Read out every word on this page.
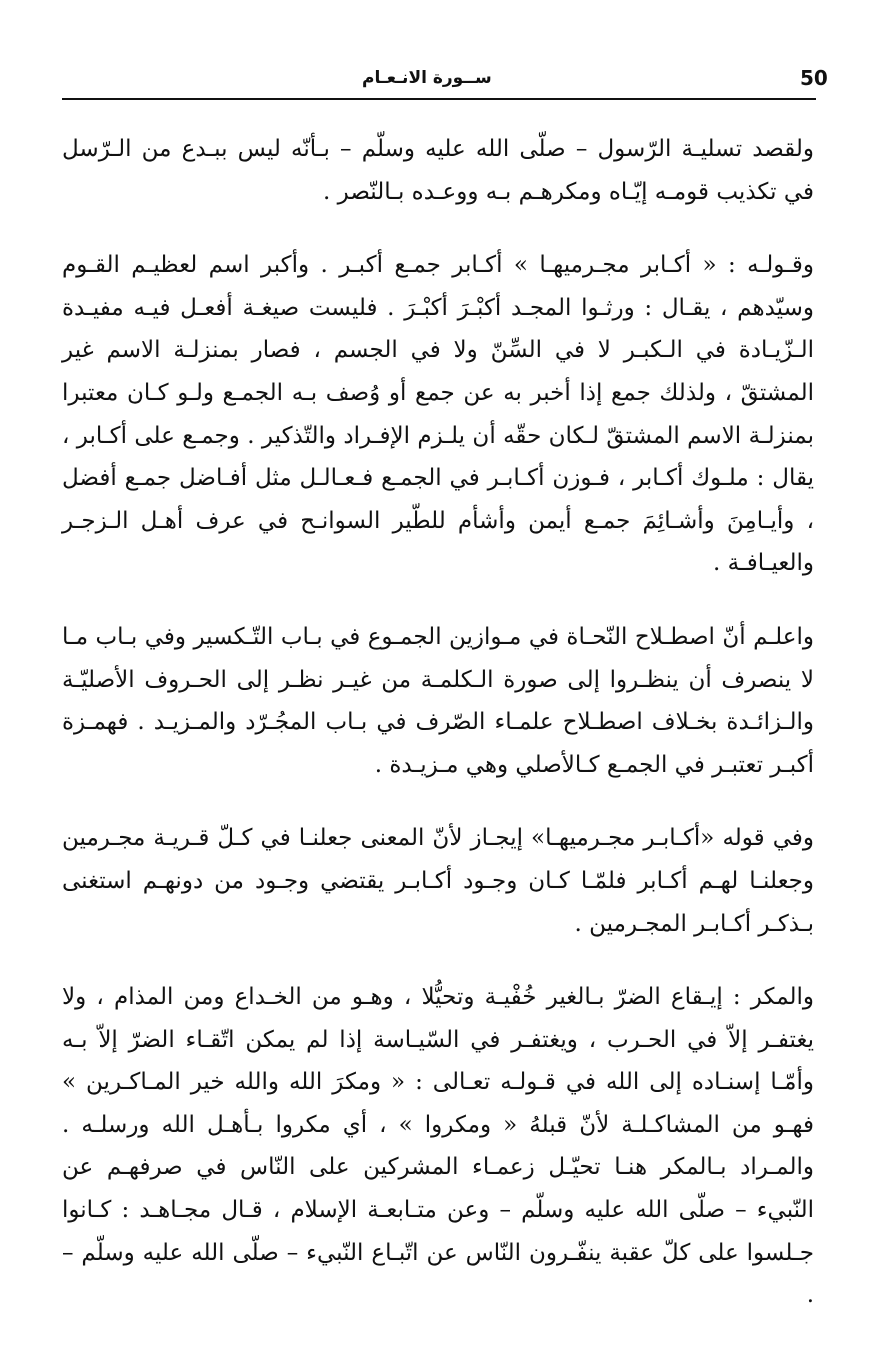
50
ســورة الانـعـام

ولقصد تسليـة الرّسول – صلّى الله عليه وسلّم – بـأنّه ليس ببـدع من الـرّسل في تكذيب قومـه إيّـاه ومكرهـم بـه ووعـده بـالنّصر .

وقـولـه : « أكـابر مجـرميهـا » أكـابر جمـع أكبـر . وأكبر اسم لعظيـم القـوم وسيّدهم ، يقـال : ورثـوا المجـد أكبْـرَ أكبْـرَ . فليست صيغـة أفعـل فيـه مفيـدة الـزّيـادة في الـكبـر لا في السِّنّ ولا في الجسم ، فصار بمنزلـة الاسم غير المشتقّ ، ولذلك جمع إذا أخبر به عن جمع أو وُصف بـه الجمـع ولـو كـان معتبرا بمنزلـة الاسم المشتقّ لـكان حقّه أن يلـزم الإفـراد والتّذكير . وجمـع على أكـابر ، يقال : ملـوك أكـابر ، فـوزن أكـابـر في الجمـع فـعـالـل مثل أفـاضل جمـع أفضل ، وأيـامِنَ وأشـائِمَ جمـع أيمن وأشأم للطّير السوانـح في عرف أهـل الـزجـر والعيـافـة .

واعلـم أنّ اصطـلاح النّحـاة في مـوازين الجمـوع في بـاب التّـكسير وفي بـاب مـا لا ينصرف أن ينظـروا إلى صورة الـكلمـة من غيـر نظـر إلى الحـروف الأصليّـة والـزائـدة بخـلاف اصطـلاح علمـاء الصّرف في بـاب المجُـرّد والمـزيـد . فهمـزة أكبـر تعتبـر في الجمـع كـالأصلي وهي مـزيـدة .

وفي قوله «أكـابـر مجـرميهـا» إيجـاز لأنّ المعنى جعلنـا في كـلّ قـريـة مجـرمين وجعلنـا لهـم أكـابر فلمّـا كـان وجـود أكـابـر يقتضي وجـود من دونهـم استغنى بـذكـر أكـابـر المجـرمين .

والمكر : إيـقاع الضرّ بـالغير خُفْيـة وتحيُّلا ، وهـو من الخـداع ومن المذام ، ولا يغتفـر إلاّ في الحـرب ، ويغتفـر في السّيـاسة إذا لم يمكن اتّقـاء الضرّ إلاّ بـه وأمّـا إسنـاده إلى الله في قـولـه تعـالى : « ومكرَ الله والله خير المـاكـرين » فهـو من المشاكـلـة لأنّ قبلهُ « ومكروا » ، أي مكروا بـأهـل الله ورسلـه . والمـراد بـالمكر هنـا تحيّـل زعمـاء المشركين على النّاس في صرفهـم عن النّبيء – صلّى الله عليه وسلّم – وعن متـابعـة الإسلام ، قـال مجـاهـد : كـانوا جـلسوا على كلّ عقبة ينفّـرون النّاس عن اتّبـاع النّبيء – صلّى الله عليه وسلّم – .
